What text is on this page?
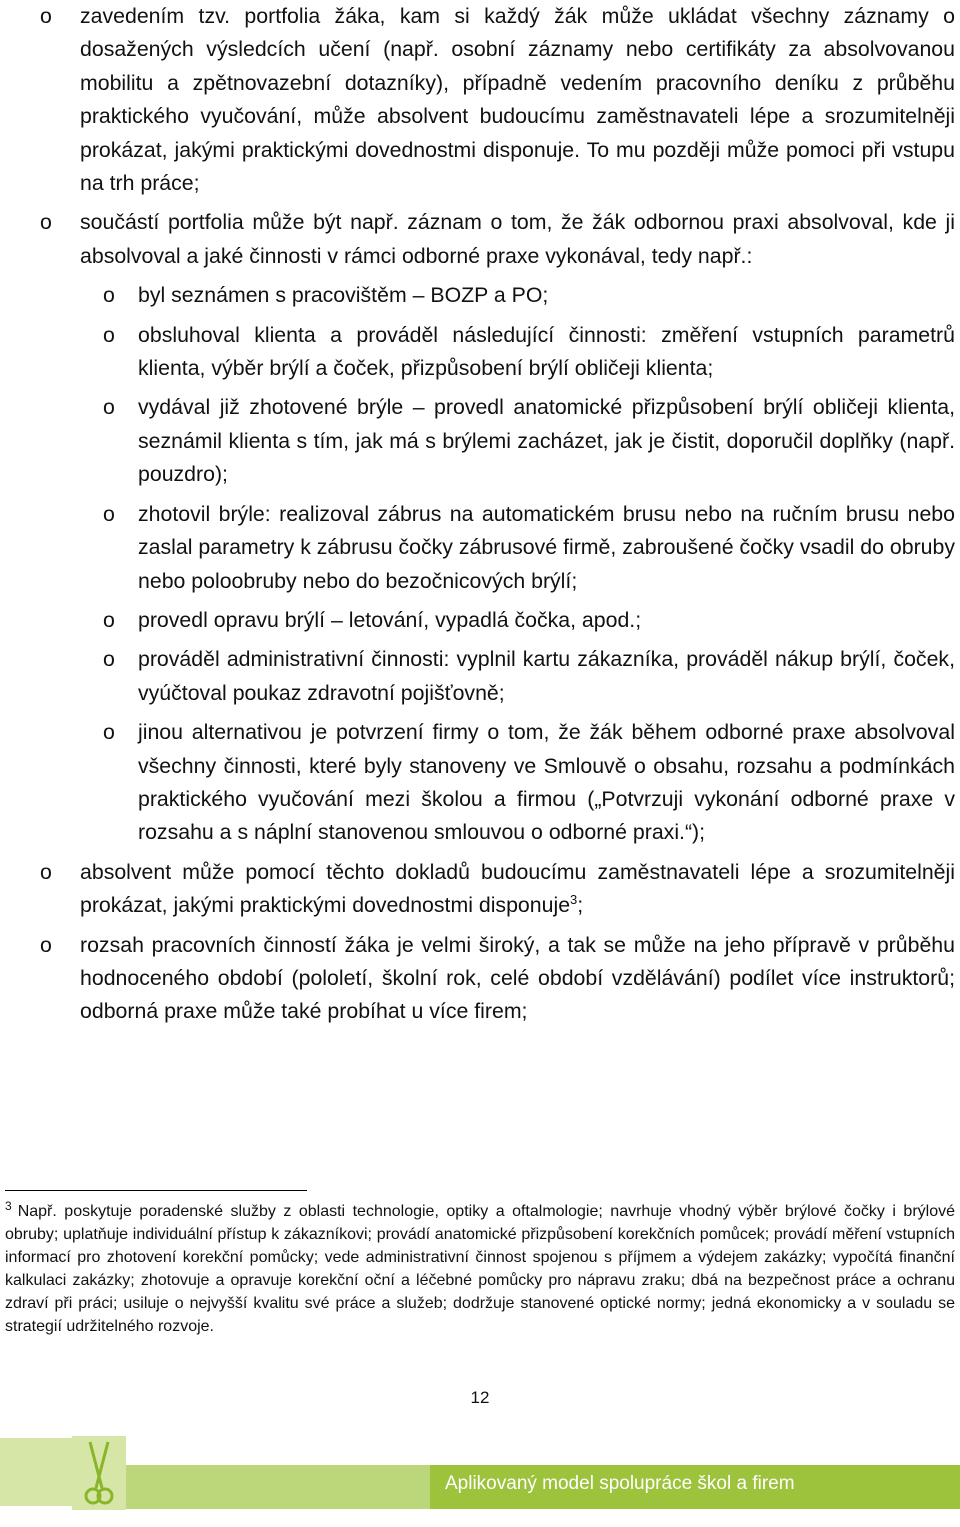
o zavedením tzv. portfolia žáka, kam si každý žák může ukládat všechny záznamy o dosažených výsledcích učení (např. osobní záznamy nebo certifikáty za absolvovanou mobilitu a zpětnovazební dotazníky), případně vedením pracovního deníku z průběhu praktického vyučování, může absolvent budoucímu zaměstnavateli lépe a srozumitelněji prokázat, jakými praktickými dovednostmi disponuje. To mu později může pomoci při vstupu na trh práce;
o součástí portfolia může být např. záznam o tom, že žák odbornou praxi absolvoval, kde ji absolvoval a jaké činnosti v rámci odborné praxe vykonával, tedy např.:
o byl seznámen s pracovištěm – BOZP a PO;
o obsluhoval klienta a prováděl následující činnosti: změření vstupních parametrů klienta, výběr brýlí a čoček, přizpůsobení brýlí obličeji klienta;
o vydával již zhotovené brýle – provedl anatomické přizpůsobení brýlí obličeji klienta, seznámil klienta s tím, jak má s brýlemi zacházet, jak je čistit, doporučil doplňky (např. pouzdro);
o zhotovil brýle: realizoval zábrus na automatickém brusu nebo na ručním brusu nebo zaslal parametry k zábrusu čočky zábrusové firmě, zabroušené čočky vsadil do obruby nebo poloobruby nebo do bezočnicových brýlí;
o provedl opravu brýlí – letování, vypadlá čočka, apod.;
o prováděl administrativní činnosti: vyplnil kartu zákazníka, prováděl nákup brýlí, čoček, vyúčtoval poukaz zdravotní pojišťovně;
o jinou alternativou je potvrzení firmy o tom, že žák během odborné praxe absolvoval všechny činnosti, které byly stanoveny ve Smlouvě o obsahu, rozsahu a podmínkách praktického vyučování mezi školou a firmou („Potvrzuji vykonání odborné praxe v rozsahu a s náplní stanovenou smlouvou o odborné praxi.“);
o absolvent může pomocí těchto dokladů budoucímu zaměstnavateli lépe a srozumitelněji prokázat, jakými praktickými dovednostmi disponuje$^3$;
o rozsah pracovních činností žáka je velmi široký, a tak se může na jeho přípravě v průběhu hodnoceného období (pololetí, školní rok, celé období vzdělávání) podílet více instruktorů; odborná praxe může také probíhat u více firem;

$^3$ Např. poskytuje poradenské služby z oblasti technologie, optiky a oftalmologie; navrhuje vhodný výběr brýlové čočky i brýlové obruby; uplatňuje individuální přístup k zákazníkovi; provádí anatomické přizpůsobení korekčních pomůcek; provádí měření vstupních informací pro zhotovení korekční pomůcky; vede administrativní činnost spojenou s příjmem a výdejem zakázky; vypočítá finanční kalkulaci zakázky; zhotovuje a opravuje korekční oční a léčebné pomůcky pro nápravu zraku; dbá na bezpečnost práce a ochranu zdraví při práci; usiluje o nejvyšší kvalitu své práce a služeb; dodržuje stanovené optické normy; jedná ekonomicky a v souladu se strategií udržitelného rozvoje.

12
Aplikovaný model spolupráce škol a firem
